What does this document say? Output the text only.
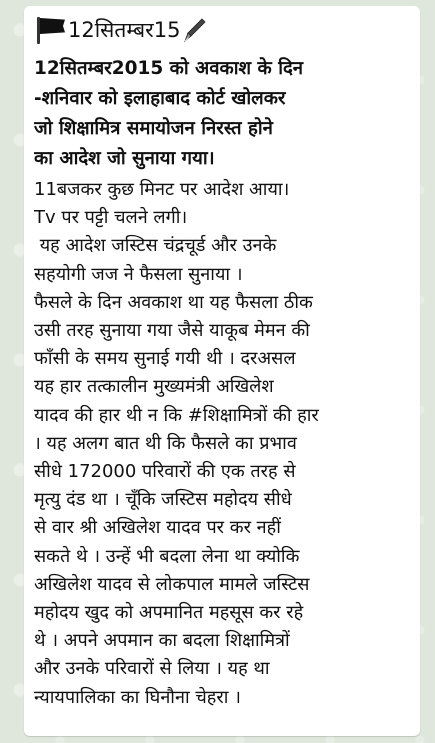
12सितम्बर15
12सितम्बर2015 को अवकाश के दिन
-शनिवार को इलाहाबाद कोर्ट खोलकर
जो शिक्षामित्र समायोजन निरस्त होने
का आदेश जो सुनाया गया।
11बजकर कुछ मिनट पर आदेश आया।
Tv पर पट्टी चलने लगी।
यह आदेश जस्टिस चंद्रचूर्ड और उनके
सहयोगी जज ने फैसला सुनाया ।
फैसले के दिन अवकाश था यह फैसला ठीक
उसी तरह सुनाया गया जैसे याकूब मेमन की
फाँसी के समय सुनाई गयी थी । दरअसल
यह हार तत्कालीन मुख्यमंत्री अखिलेश
यादव की हार थी न कि #शिक्षामित्रों की हार
। यह अलग बात थी कि फैसले का प्रभाव
सीधे 172000 परिवारों की एक तरह से
मृत्यु दंड था । चूँकि जस्टिस महोदय सीधे
से वार श्री अखिलेश यादव पर कर नहीं
सकते थे । उन्हें भी बदला लेना था क्योकि
अखिलेश यादव से लोकपाल मामले जस्टिस
महोदय खुद को अपमानित महसूस कर रहे
थे । अपने अपमान का बदला शिक्षामित्रों
और उनके परिवारों से लिया । यह था
न्यायपालिका का घिनौना चेहरा ।
